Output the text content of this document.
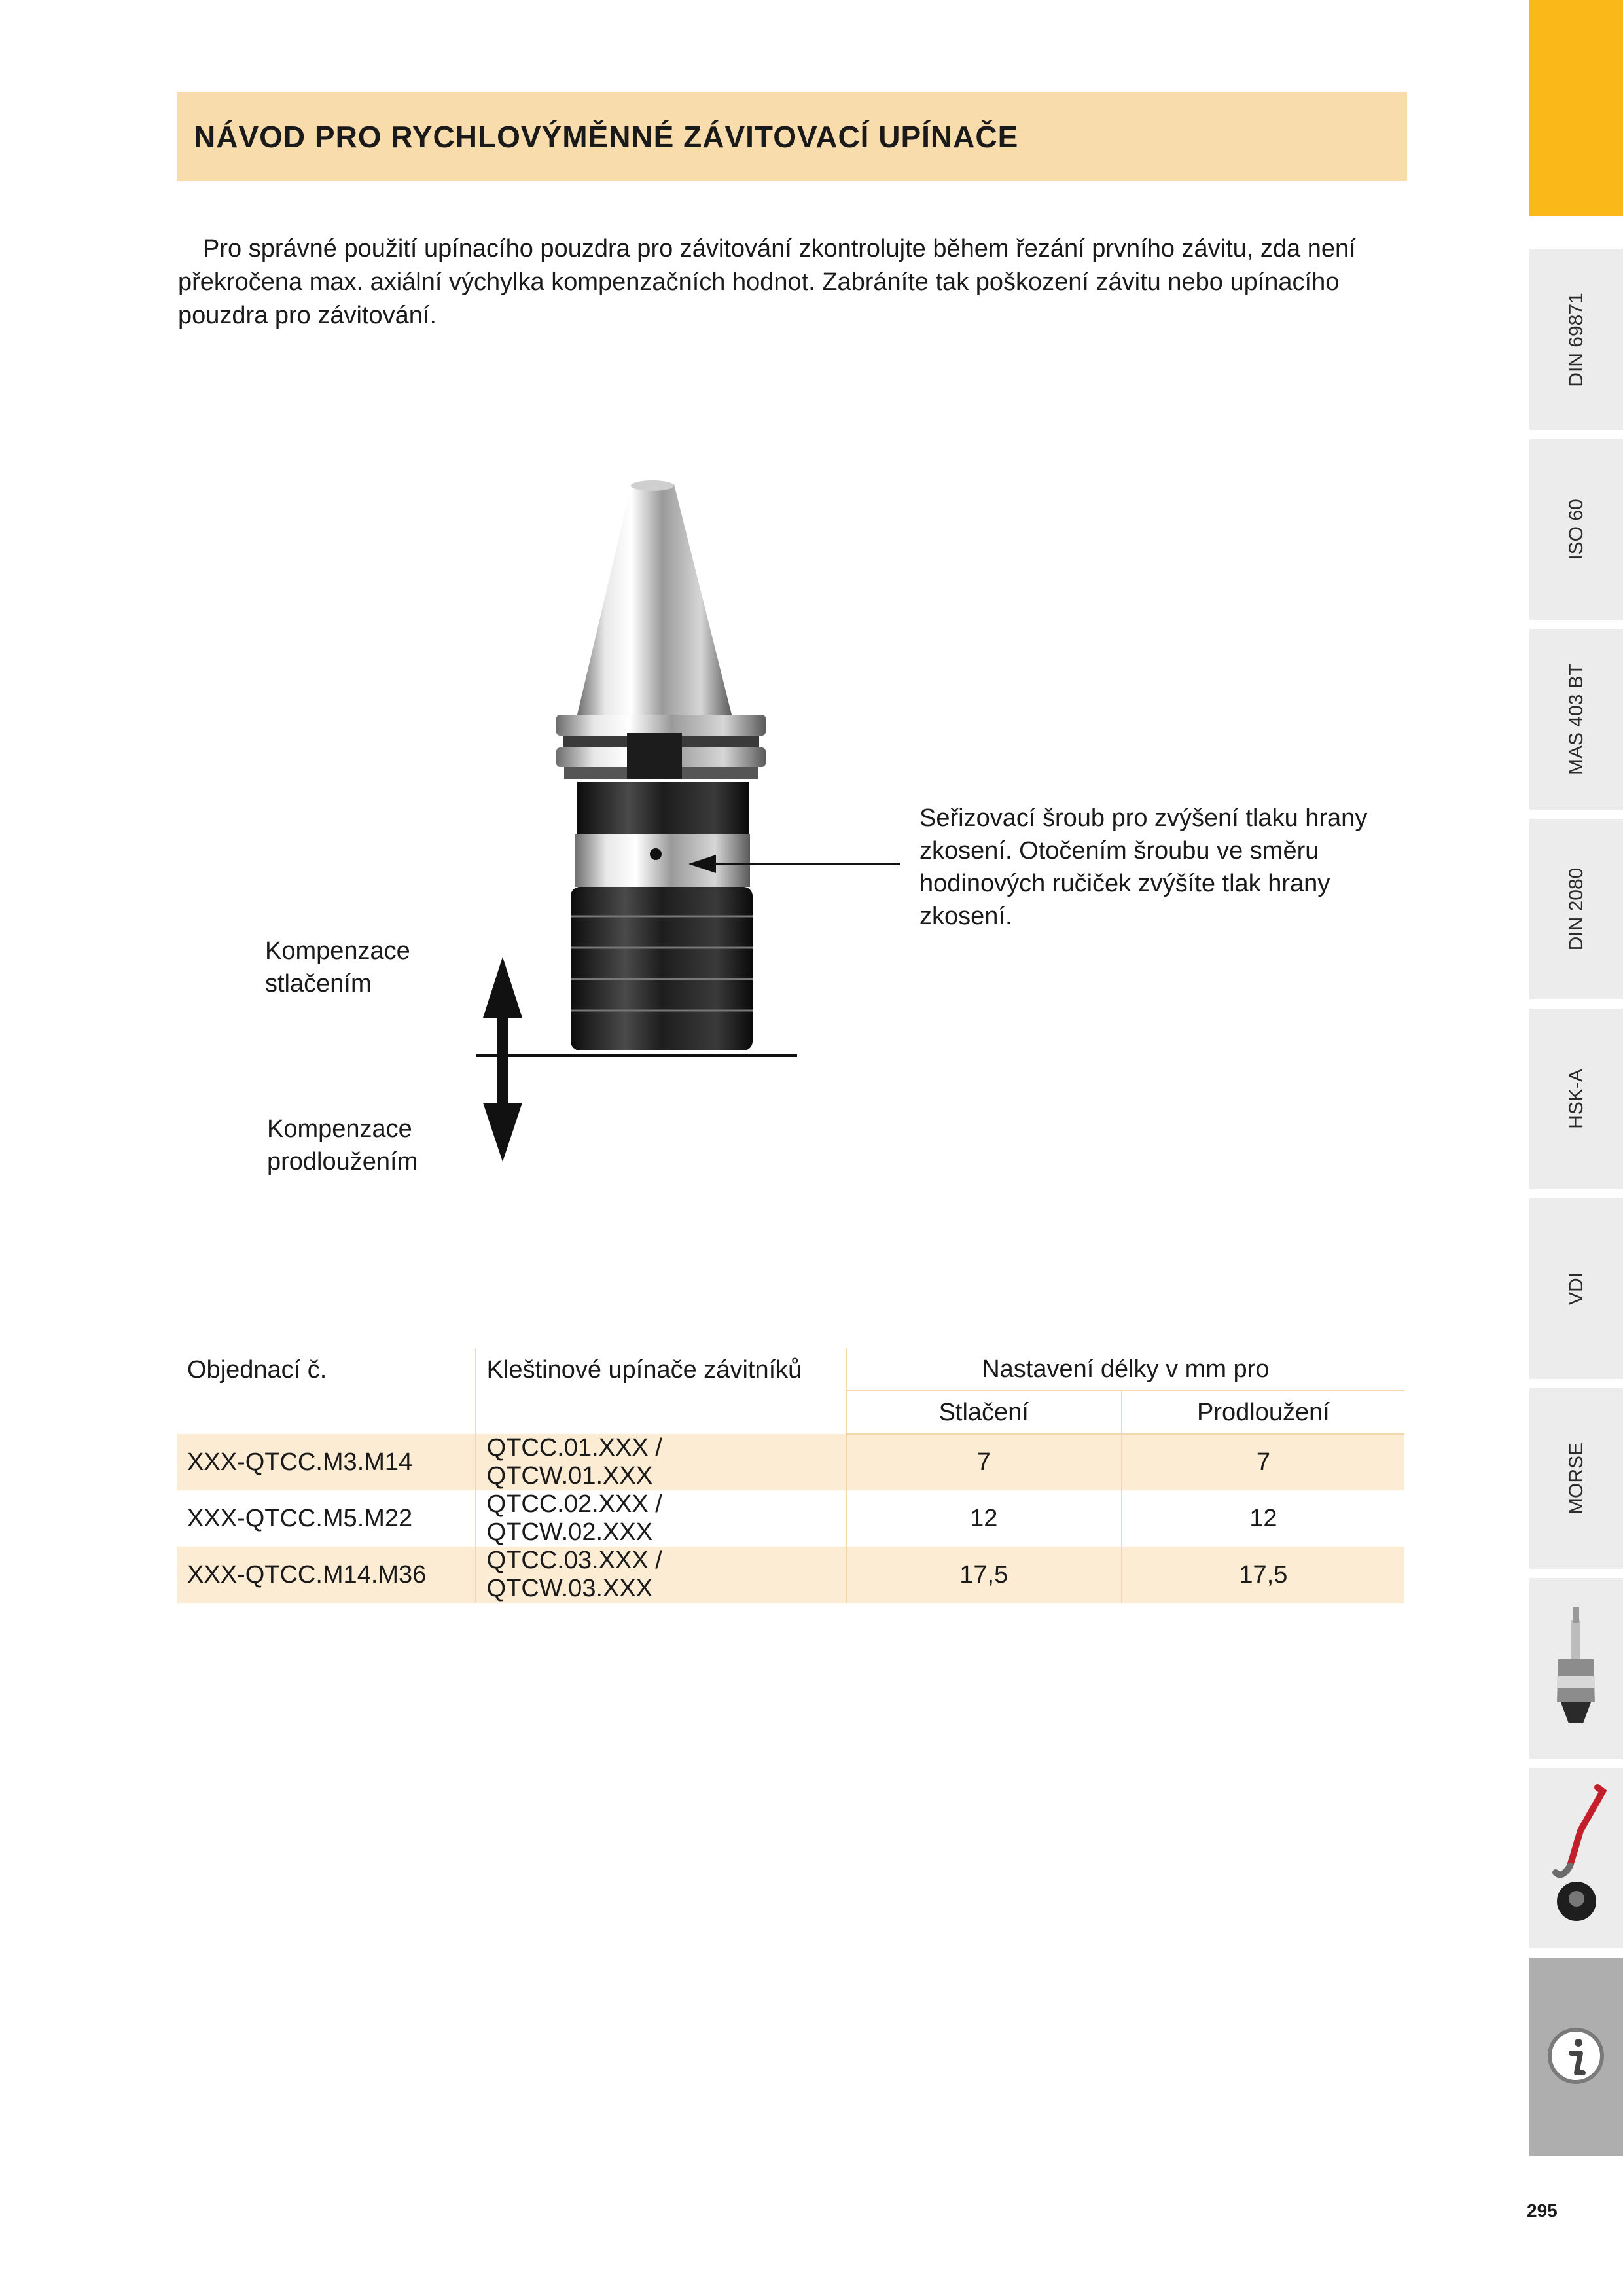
NÁVOD PRO RYCHLOVÝMĚNNÉ ZÁVITOVACÍ UPÍNAČE

Pro správné použití upínacího pouzdra pro závitování zkontrolujte během řezání prvního závitu, zda není překročena max. axiální výchylka kompenzačních hodnot. Zabráníte tak poškození závitu nebo upínacího pouzdra pro závitování.

Seřizovací šroub pro zvýšení tlaku hrany zkosení. Otočením šroubu ve směru hodinových ručiček zvýšíte tlak hrany zkosení.

Kompenzace stlačením

Kompenzace prodloužením

Objednací č.	Kleštinové upínače závitníků	Nastavení délky v mm pro	
		Stlačení	Prodloužení
XXX-QTCC.M3.M14	QTCC.01.XXX / QTCW.01.XXX	7	7
XXX-QTCC.M5.M22	QTCC.02.XXX / QTCW.02.XXX	12	12
XXX-QTCC.M14.M36	QTCC.03.XXX / QTCW.03.XXX	17,5	17,5
DIN 69871
ISO 60
MAS 403 BT
DIN 2080
HSK-A
VDI
MORSE
295
